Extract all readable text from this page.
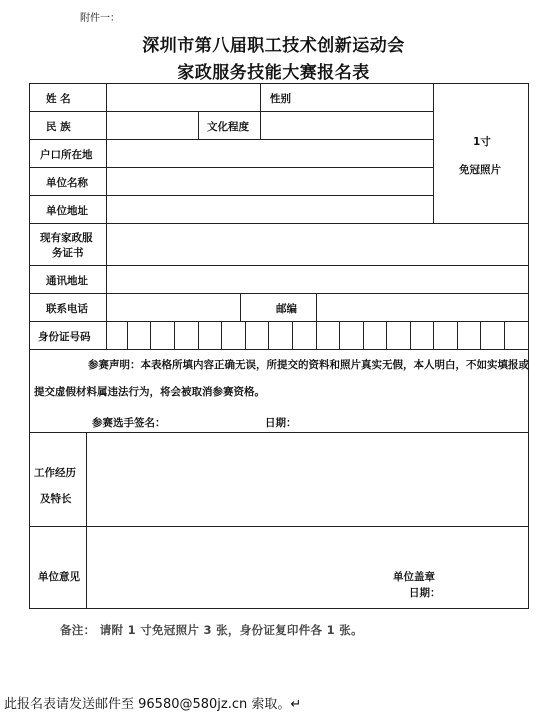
附件一：
深圳市第八届职工技术创新运动会
家政服务技能大赛报名表
姓 名	性别
民 族	文化程度
户口所在地
单位名称
单位地址
1寸
免冠照片
现有家政服
务证书
通讯地址
联系电话	邮编
身份证号码
参赛声明：本表格所填内容正确无误，所提交的资料和照片真实无假，本人明白，不如实填报或
提交虚假材料属违法行为，将会被取消参赛资格。
参赛选手签名：	日期：
工作经历
及特长
单位意见	单位盖章
日期：
备注： 请附 1 寸免冠照片 3 张，身份证复印件各 1 张。
此报名表请发送邮件至 96580@580jz.cn 索取。↵
